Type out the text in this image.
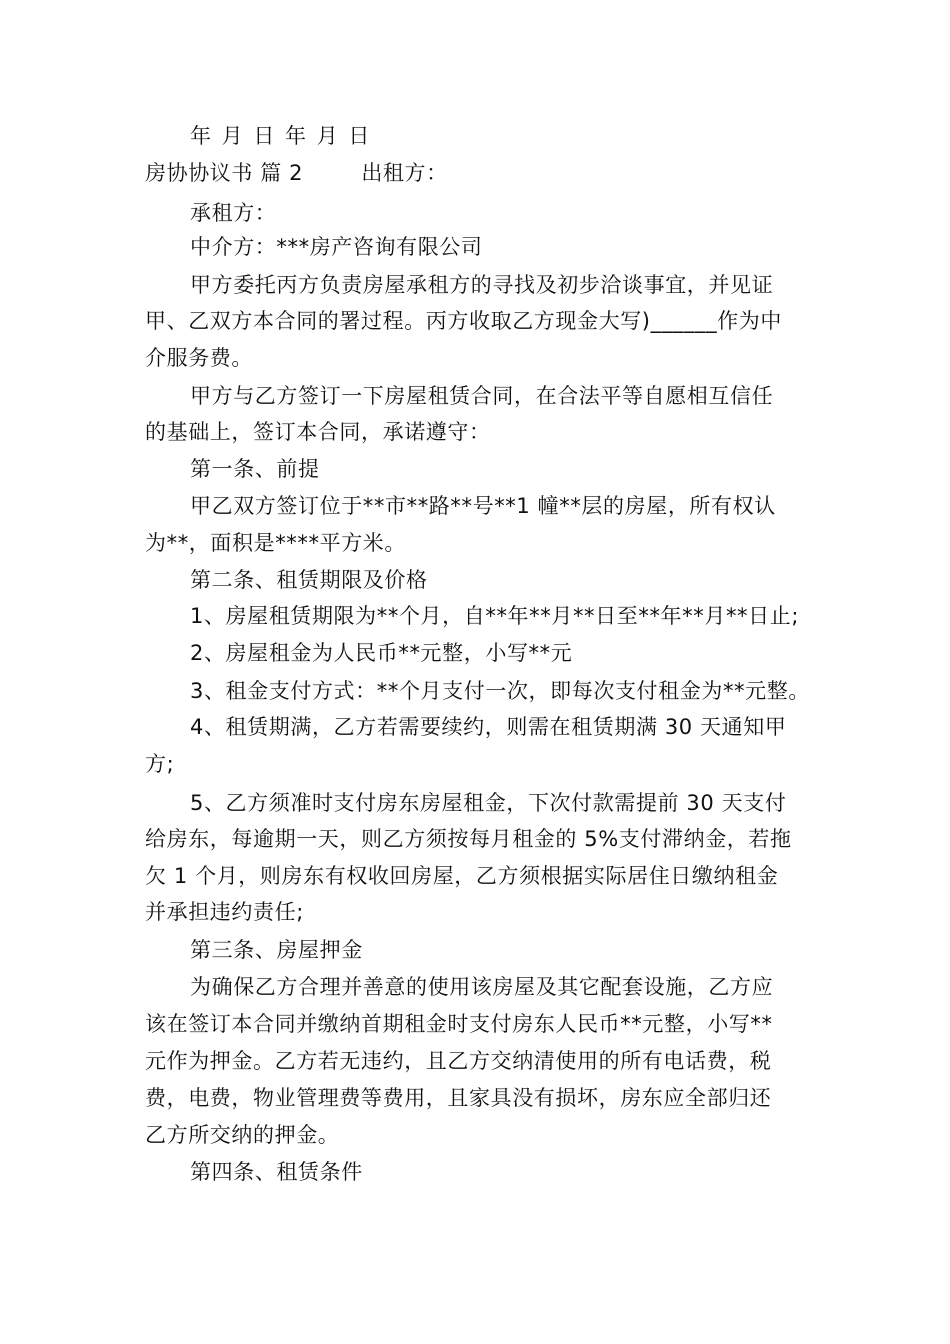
年 月 日 年 月 日
房协协议书 篇 2        出租方：
承租方：
中介方：***房产咨询有限公司
甲方委托丙方负责房屋承租方的寻找及初步洽谈事宜，并见证
甲、乙双方本合同的署过程。丙方收取乙方现金大写)______作为中
介服务费。
甲方与乙方签订一下房屋租赁合同，在合法平等自愿相互信任
的基础上，签订本合同，承诺遵守：
第一条、前提
甲乙双方签订位于**市**路**号**1 幢**层的房屋，所有权认
为**，面积是****平方米。
第二条、租赁期限及价格
1、房屋租赁期限为**个月，自**年**月**日至**年**月**日止;
2、房屋租金为人民币**元整，小写**元
3、租金支付方式：**个月支付一次，即每次支付租金为**元整。
4、租赁期满，乙方若需要续约，则需在租赁期满 30 天通知甲
方;
5、乙方须准时支付房东房屋租金，下次付款需提前 30 天支付
给房东，每逾期一天，则乙方须按每月租金的 5%支付滞纳金，若拖
欠 1 个月，则房东有权收回房屋，乙方须根据实际居住日缴纳租金
并承担违约责任;
第三条、房屋押金
为确保乙方合理并善意的使用该房屋及其它配套设施，乙方应
该在签订本合同并缴纳首期租金时支付房东人民币**元整，小写**
元作为押金。乙方若无违约，且乙方交纳清使用的所有电话费，税
费，电费，物业管理费等费用，且家具没有损坏，房东应全部归还
乙方所交纳的押金。
第四条、租赁条件
